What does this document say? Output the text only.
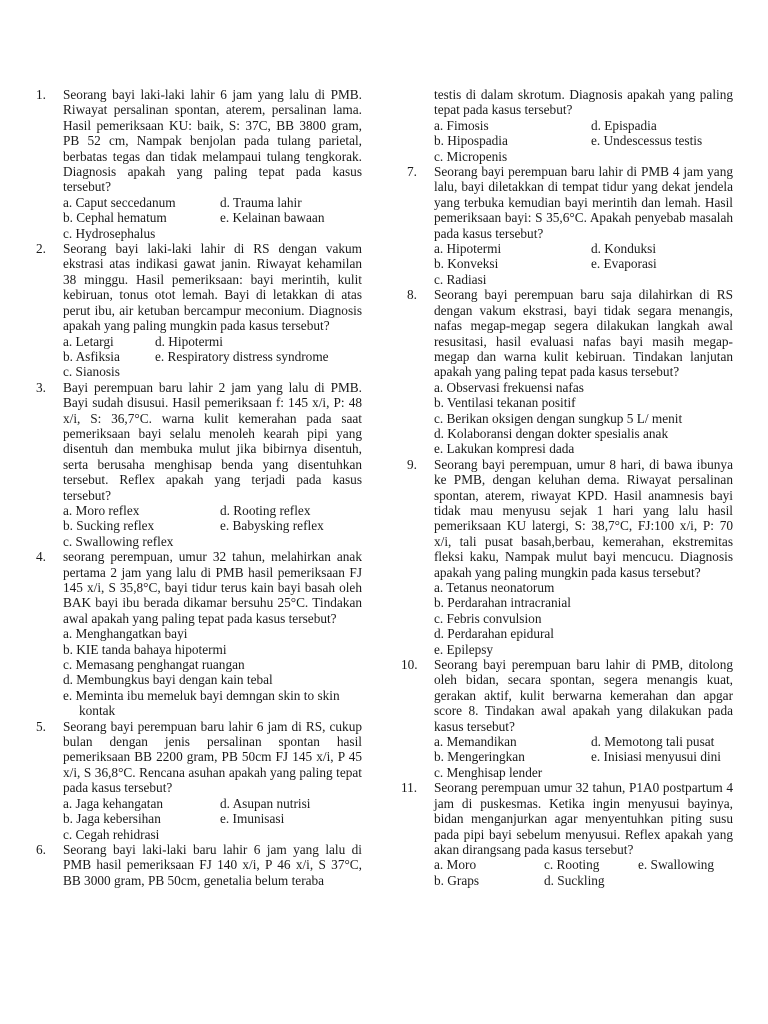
1. Seorang bayi laki-laki lahir 6 jam yang lalu di PMB. Riwayat persalinan spontan, aterem, persalinan lama. Hasil pemeriksaan KU: baik, S: 37C, BB 3800 gram, PB 52 cm, Nampak benjolan pada tulang parietal, berbatas tegas dan tidak melampaui tulang tengkorak. Diagnosis apakah yang paling tepat pada kasus tersebut?

a. Caput seccedanum	d. Trauma lahir
b. Cephal hematum	e. Kelainan bawaan
c. Hydrosephalus
2. Seorang bayi laki-laki lahir di RS dengan vakum ekstrasi atas indikasi gawat janin. Riwayat kehamilan 38 minggu. Hasil pemeriksaan: bayi merintih, kulit kebiruan, tonus otot lemah. Bayi di letakkan di atas perut ibu, air ketuban bercampur meconium. Diagnosis apakah yang paling mungkin pada kasus tersebut?

a. Letargi	d. Hipotermi
b. Asfiksia	e. Respiratory distress syndrome
c. Sianosis
3. Bayi perempuan baru lahir 2 jam yang lalu di PMB. Bayi sudah disusui. Hasil pemeriksaan f: 145 x/i, P: 48 x/i, S: 36,7°C. warna kulit kemerahan pada saat pemeriksaan bayi selalu menoleh kearah pipi yang disentuh dan membuka mulut jika bibirnya disentuh, serta berusaha menghisap benda yang disentuhkan tersebut. Reflex apakah yang terjadi pada kasus tersebut?

a. Moro reflex	d. Rooting reflex
b. Sucking reflex	e. Babysking reflex
c. Swallowing reflex
4. seorang perempuan, umur 32 tahun, melahirkan anak pertama 2 jam yang lalu di PMB hasil pemeriksaan FJ 145 x/i, S 35,8°C, bayi tidur terus kain bayi basah oleh BAK bayi ibu berada dikamar bersuhu 25°C. Tindakan awal apakah yang paling tepat pada kasus tersebut?

a. Menghangatkan bayi
b. KIE tanda bahaya hipotermi
c. Memasang penghangat ruangan
d. Membungkus bayi dengan kain tebal
e. Meminta ibu memeluk bayi demngan skin to skin kontak
5. Seorang bayi perempuan baru lahir 6 jam di RS, cukup bulan dengan jenis persalinan spontan hasil pemeriksaan BB 2200 gram, PB 50cm FJ 145 x/i, P 45 x/i, S 36,8°C. Rencana asuhan apakah yang paling tepat pada kasus tersebut?

a. Jaga kehangatan	d. Asupan nutrisi
b. Jaga kebersihan	e. Imunisasi
c. Cegah rehidrasi
6. Seorang bayi laki-laki baru lahir 6 jam yang lalu di PMB hasil pemeriksaan FJ 140 x/i, P 46 x/i, S 37°C, BB 3000 gram, PB 50cm, genetalia belum teraba

testis di dalam skrotum. Diagnosis apakah yang paling tepat pada kasus tersebut?

a. Fimosis	d. Epispadia
b. Hipospadia	e. Undescessus testis
c. Micropenis
7. Seorang bayi perempuan baru lahir di PMB 4 jam yang lalu, bayi diletakkan di tempat tidur yang dekat jendela yang terbuka kemudian bayi merintih dan lemah. Hasil pemeriksaan bayi: S 35,6°C. Apakah penyebab masalah pada kasus tersebut?

a. Hipotermi	d. Konduksi
b. Konveksi	e. Evaporasi
c. Radiasi
8. Seorang bayi perempuan baru saja dilahirkan di RS dengan vakum ekstrasi, bayi tidak segara menangis, nafas megap-megap segera dilakukan langkah awal resusitasi, hasil evaluasi nafas bayi masih megap-megap dan warna kulit kebiruan. Tindakan lanjutan apakah yang paling tepat pada kasus tersebut?

a. Observasi frekuensi nafas
b. Ventilasi tekanan positif
c. Berikan oksigen dengan sungkup 5 L/ menit
d. Kolaboransi dengan dokter spesialis anak
e. Lakukan kompresi dada
9. Seorang bayi perempuan, umur 8 hari, di bawa ibunya ke PMB, dengan keluhan dema. Riwayat persalinan spontan, aterem, riwayat KPD. Hasil anamnesis bayi tidak mau menyusu sejak 1 hari yang lalu hasil pemeriksaan KU latergi, S: 38,7°C, FJ:100 x/i, P: 70 x/i, tali pusat basah,berbau, kemerahan, ekstremitas fleksi kaku, Nampak mulut bayi mencucu. Diagnosis apakah yang paling mungkin pada kasus tersebut?

a. Tetanus neonatorum
b. Perdarahan intracranial
c. Febris convulsion
d. Perdarahan epidural
e. Epilepsy
10. Seorang bayi perempuan baru lahir di PMB, ditolong oleh bidan, secara spontan, segera menangis kuat, gerakan aktif, kulit berwarna kemerahan dan apgar score 8. Tindakan awal apakah yang dilakukan pada kasus tersebut?

a. Memandikan	d. Memotong tali pusat
b. Mengeringkan	e. Inisiasi menyusui dini
c. Menghisap lender
11. Seorang perempuan umur 32 tahun, P1A0 postpartum 4 jam di puskesmas. Ketika ingin menyusui bayinya, bidan menganjurkan agar menyentuhkan piting susu pada pipi bayi sebelum menyusui. Reflex apakah yang akan dirangsang pada kasus tersebut?

a. Moro	c. Rooting	e. Swallowing
b. Graps	d. Suckling
